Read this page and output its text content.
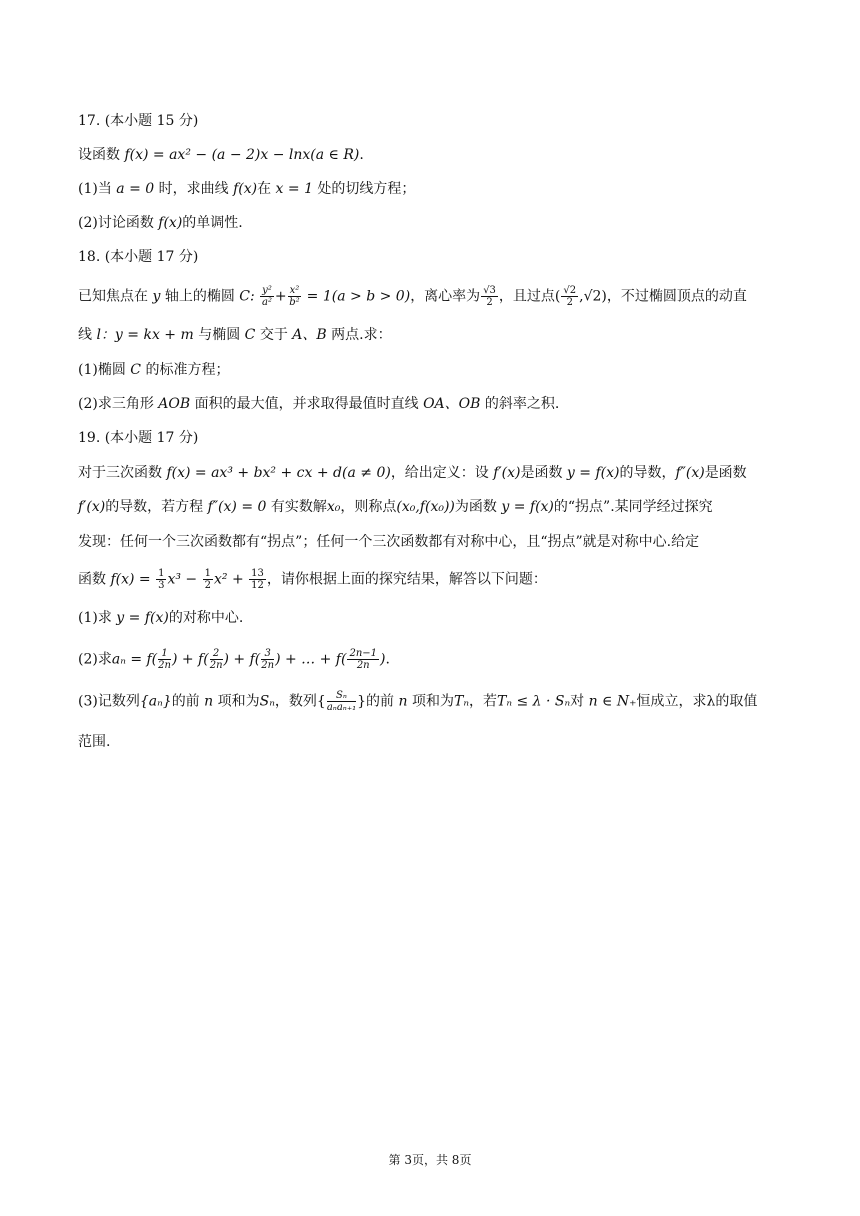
17. (本小题 15 分)
设函数 f(x) = ax² − (a − 2)x − lnx(a ∈ R).
(1)当 a = 0 时，求曲线 f(x)在 x = 1 处的切线方程；
(2)讨论函数 f(x)的单调性.
18. (本小题 17 分)
已知焦点在 y 轴上的椭圆 C: $\frac{\text{y²}}{\text{a²}} + \frac{\text{x²}}{\text{b²}} = 1(a > b > 0)$，离心率为 $\frac{√3}{2}$ ，且过点( $\frac{√2}{2} ,√2$)，不过椭圆顶点的动直
线 l：y = kx + m 与椭圆 C 交于 A、B 两点.求：
(1)椭圆 C 的标准方程；
(2)求三角形 AOB 面积的最大值，并求取得最值时直线 OA、OB 的斜率之积.
19. (本小题 17 分)
对于三次函数 f(x) = ax³ + bx² + cx + d(a ≠ 0)，给出定义：设 f′(x)是函数 y = f(x)的导数，f″(x)是函数
f′(x)的导数，若方程 f″(x) = 0 有实数解x₀，则称点(x₀,f(x₀))为函数 y = f(x)的“拐点”.某同学经过探究
发现：任何一个三次函数都有“拐点”；任何一个三次函数都有对称中心，且“拐点”就是对称中心.给定
函数 $f(x) = \frac{1}{3} x^3 - \frac{1}{2} x^2 + \frac{13}{12}$ ，请你根据上面的探究结果，解答以下问题：
(1)求 y = f(x)的对称中心.
(2)求$a_n = f( \frac{1}{2n}$ ) + $f( \frac{2}{2n}$ ) + $f( \frac{3}{2n}$ ) + … + $f( \frac{2n-1}{2n}$ ).
(3)记数列{aₙ}的前 n 项和为Sₙ，数列{ $\frac{\text{Sₙ}}{\text{aₙaₙ₊₁}}$ }的前 n 项和为Tₙ，若Tₙ ≤ λ · Sₙ对 n ∈ N₊恒成立，求λ的取值
范围.
第 3页，共 8页
